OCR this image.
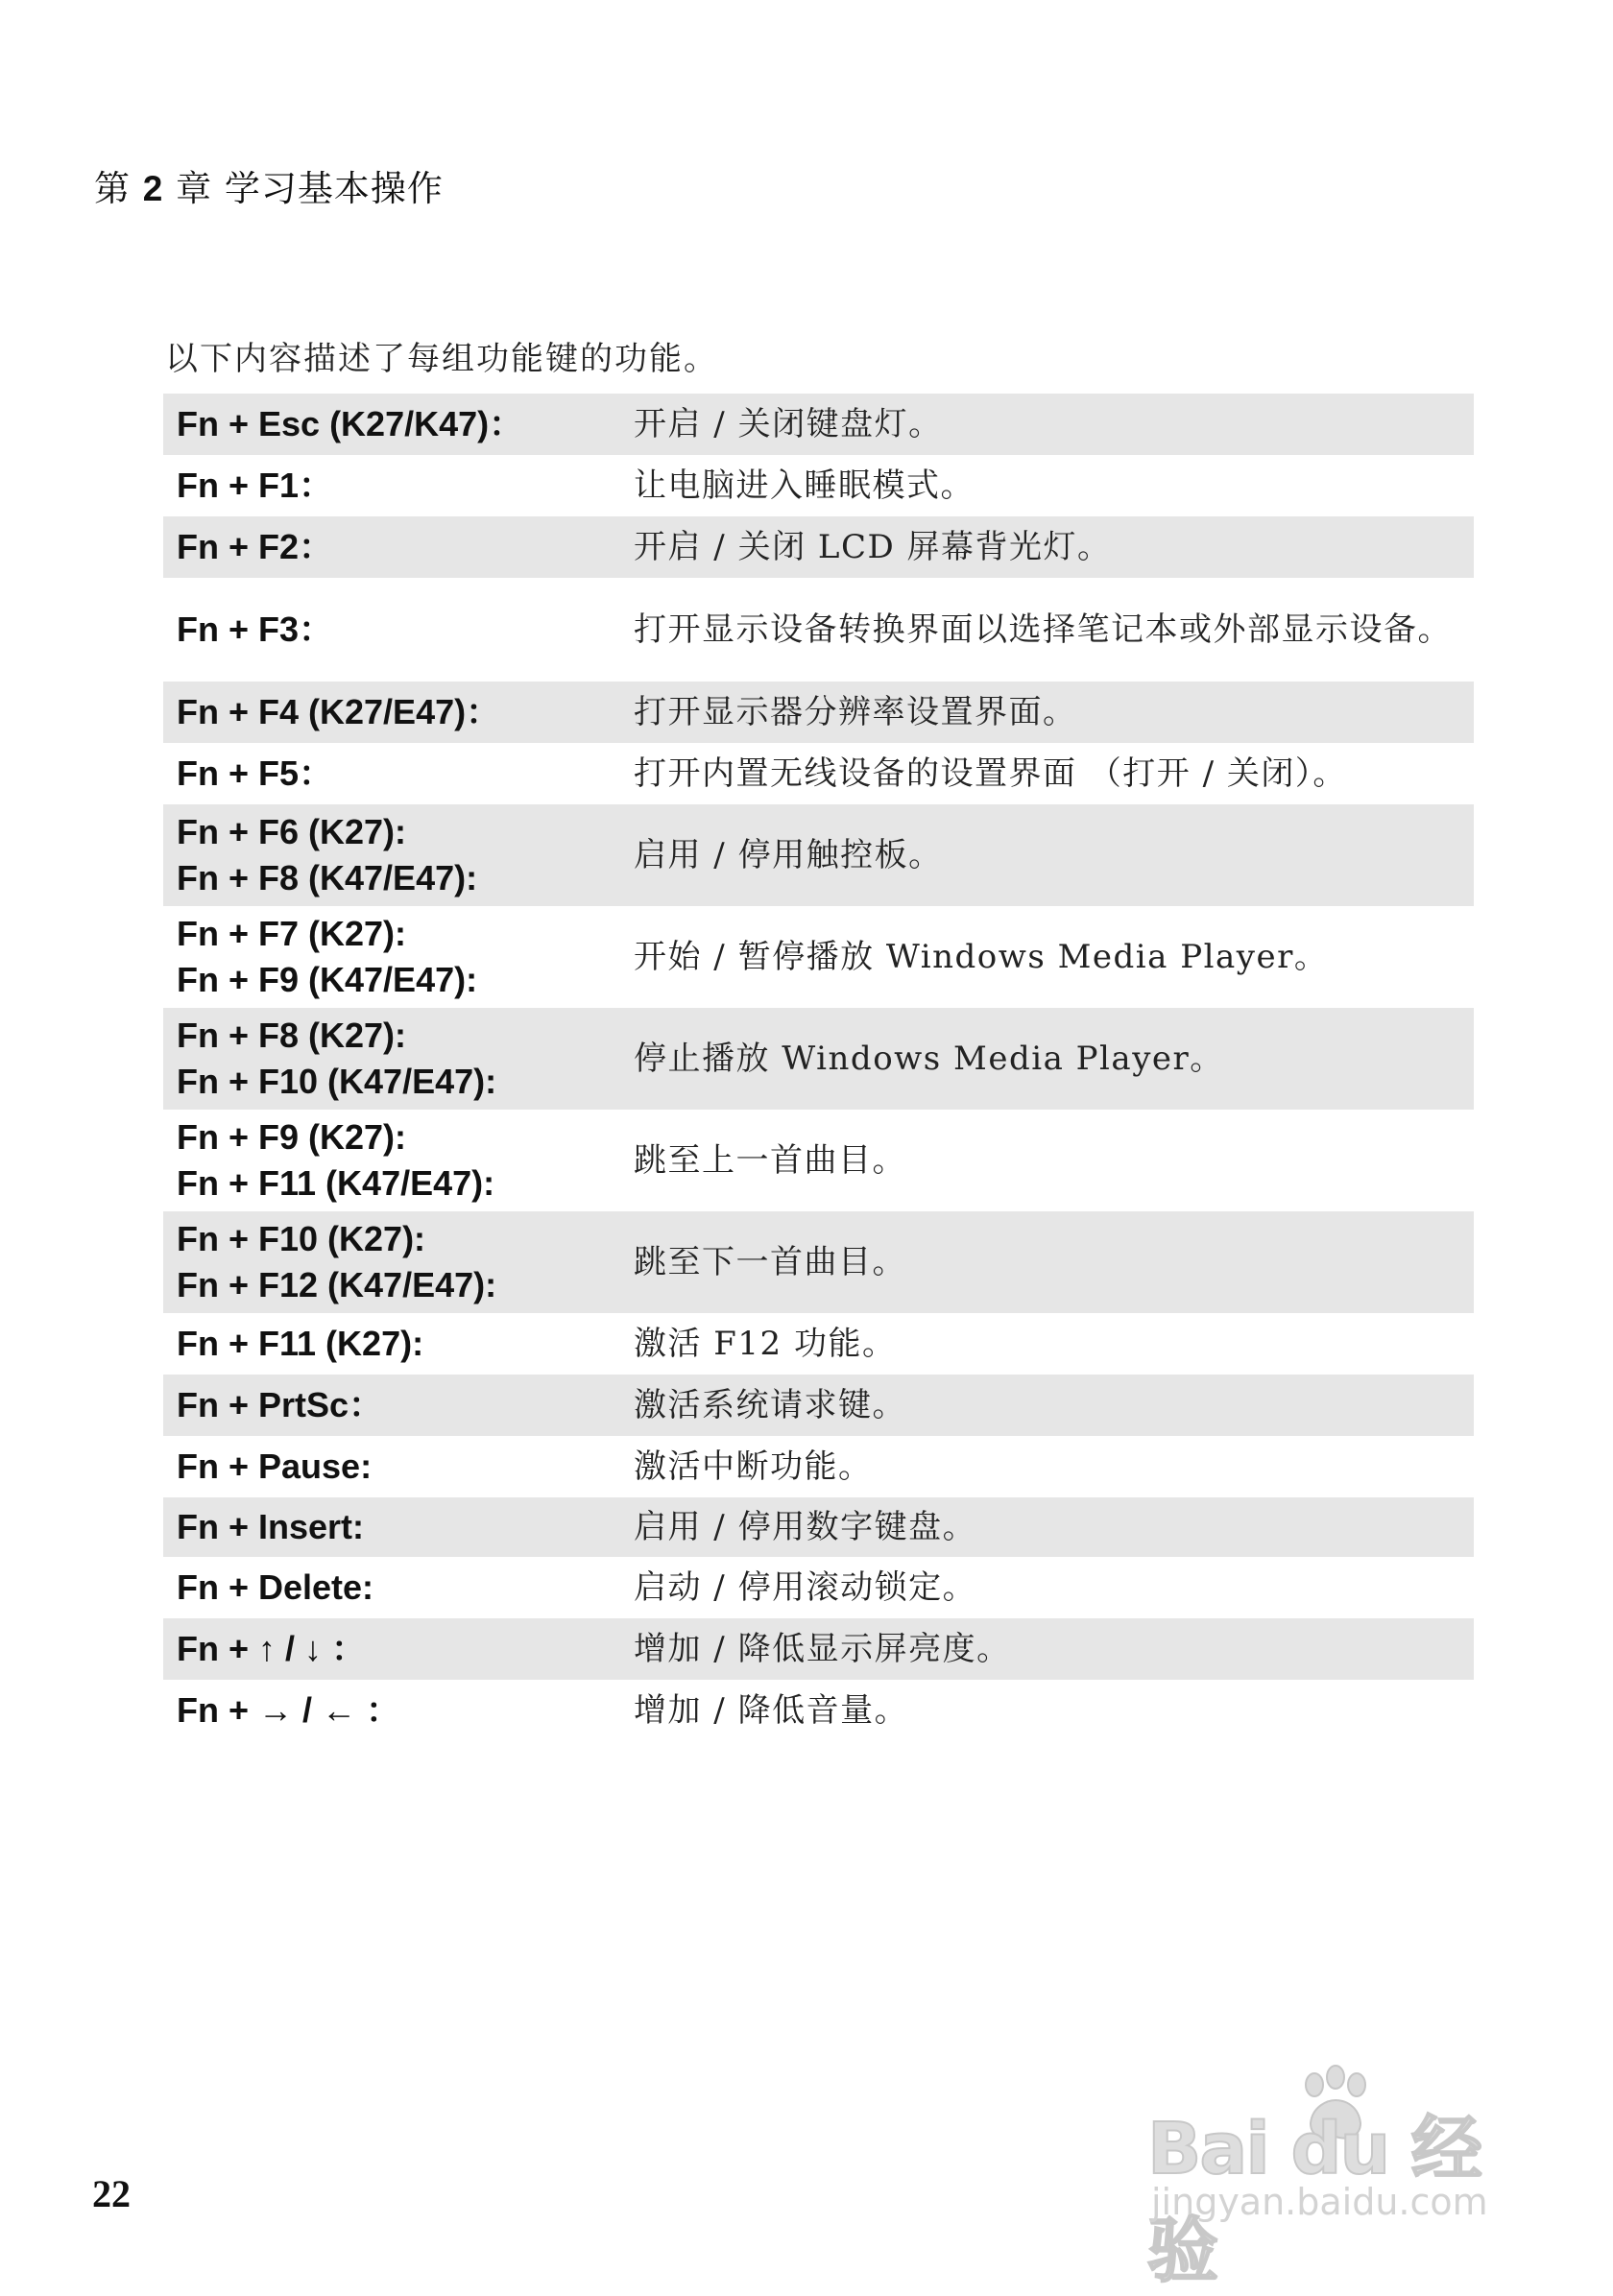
第 2 章 学习基本操作
以下内容描述了每组功能键的功能。
Fn + Esc (K27/K47)：	开启 / 关闭键盘灯。
Fn + F1：	让电脑进入睡眠模式。
Fn + F2：	开启 / 关闭 LCD 屏幕背光灯。
Fn + F3：	打开显示设备转换界面以选择笔记本或外部显示设备。
Fn + F4 (K27/E47)：	打开显示器分辨率设置界面。
Fn + F5：	打开内置无线设备的设置界面 （打开 / 关闭）。
Fn + F6 (K27):
Fn + F8 (K47/E47):	启用 / 停用触控板。
Fn + F7 (K27):
Fn + F9 (K47/E47):	开始 / 暂停播放 Windows Media Player。
Fn + F8 (K27):
Fn + F10 (K47/E47):	停止播放 Windows Media Player。
Fn + F9 (K27):
Fn + F11 (K47/E47):	跳至上一首曲目。
Fn + F10 (K27):
Fn + F12 (K47/E47):	跳至下一首曲目。
Fn + F11 (K27):	激活 F12 功能。
Fn + PrtSc：	激活系统请求键。
Fn + Pause:	激活中断功能。
Fn + Insert:	启用 / 停用数字键盘。
Fn + Delete:	启动 / 停用滚动锁定。
Fn + ↑ / ↓ ：	增加 / 降低显示屏亮度。
Fn + → / ← ：	增加 / 降低音量。
22
Bai du 经验
jingyan.baidu.com
